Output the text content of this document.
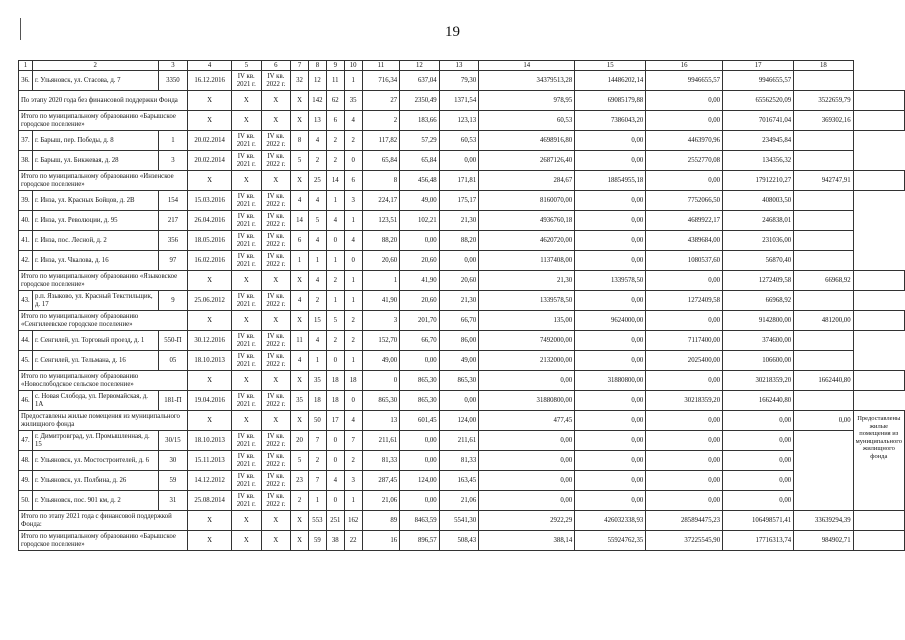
19
1	2	3	4	5	6	7	8	9	10	11	12	13	14	15	16	17	18	
36.	г. Ульяновск, ул. Стасова, д. 7	3350	16.12.2016	IV кв. 2021 г.	IV кв. 2022 г.	32	12	11	1	716,34	637,04	79,30	34379513,28	14486202,14	9946655,57	9946655,57		
По этапу 2020 года без финансовой поддержки Фонда			X	X	X	X	142	62	35	27	2350,49	1371,54	978,95	69085179,88	0,00	65562520,09	3522659,79	
Итого по муниципальному образованию «Барышское городское поселение»			X	X	X	X	13	6	4	2	183,66	123,13	60,53	7386043,20	0,00	7016741,04	369302,16	
37.	г. Барыш, пер. Победы, д. 8	1	20.02.2014	IV кв. 2021 г.	IV кв. 2022 г.	8	4	2	2	117,82	57,29	60,53	4698916,80	0,00	4463970,96	234945,84		
38.	г. Барыш, ул. Бикжевая, д. 28	3	20.02.2014	IV кв. 2021 г.	IV кв. 2022 г.	5	2	2	0	65,84	65,84	0,00	2687126,40	0,00	2552770,08	134356,32		
Итого по муниципальному образованию «Инзенское городское поселение»			X	X	X	X	25	14	6	8	456,48	171,81	284,67	18854955,18	0,00	17912210,27	942747,91	
39.	г. Инза, ул. Красных Бойцов, д. 2В	154	15.03.2016	IV кв. 2021 г.	IV кв. 2022 г.	4	4	1	3	224,17	49,00	175,17	8160070,00	0,00	7752066,50	408003,50		
40.	г. Инза, ул. Революции, д. 95	217	26.04.2016	IV кв. 2021 г.	IV кв. 2022 г.	14	5	4	1	123,51	102,21	21,30	4936760,18	0,00	4689922,17	246838,01		
41.	г. Инза, пос. Лесной, д. 2	356	18.05.2016	IV кв. 2021 г.	IV кв. 2022 г.	6	4	0	4	88,20	0,00	88,20	4620720,00	0,00	4389684,00	231036,00		
42.	г. Инза, ул. Чкалова, д. 16	97	16.02.2016	IV кв. 2021 г.	IV кв. 2022 г.	1	1	1	0	20,60	20,60	0,00	1137408,00	0,00	1080537,60	56870,40		
Итого по муниципальному образованию «Языковское городское поселение»			X	X	X	X	4	2	1	1	41,90	20,60	21,30	1339578,50	0,00	1272409,58	66968,92	
43.	р.п. Языково, ул. Красный Текстильщик, д. 17	9	25.06.2012	IV кв. 2021 г.	IV кв. 2022 г.	4	2	1	1	41,90	20,60	21,30	1339578,50	0,00	1272409,58	66968,92		
Итого по муниципальному образованию «Сенгилеевское городское поселение»			X	X	X	X	15	5	2	3	201,70	66,70	135,00	9624000,00	0,00	9142800,00	481200,00	
44.	г. Сенгилей, ул. Торговый проезд, д. 1	550-П	30.12.2016	IV кв. 2021 г.	IV кв. 2022 г.	11	4	2	2	152,70	66,70	86,00	7492000,00	0,00	7117400,00	374600,00		
45.	г. Сенгилей, ул. Тельмана, д. 16	05	18.10.2013	IV кв. 2021 г.	IV кв. 2022 г.	4	1	0	1	49,00	0,00	49,00	2132000,00	0,00	2025400,00	106600,00		
Итого по муниципальному образованию «Новослободское сельское поселение»			X	X	X	X	35	18	18	0	865,30	865,30	0,00	31880800,00	0,00	30218359,20	1662440,80	
46.	с. Новая Слобода, ул. Первомайская, д. 1А	181-П	19.04.2016	IV кв. 2021 г.	IV кв. 2022 г.	35	18	18	0	865,30	865,30	0,00	31880800,00	0,00	30218359,20	1662440,80		
Предоставлены жилые помещения из муниципального жилищного фонда			X	X	X	X	50	17	4	13	601,45	124,00	477,45	0,00	0,00	0,00	0,00	Предоставлены жилые помещения из муниципального жилищного фонда
47.	г. Димитровград, ул. Промышленная, д. 15	30/15	18.10.2013	IV кв. 2021 г.	IV кв. 2022 г.	20	7	0	7	211,61	0,00	211,61	0,00	0,00	0,00	0,00		
48.	г. Ульяновск, ул. Мостостроителей, д. 6	30	15.11.2013	IV кв. 2021 г.	IV кв. 2022 г.	5	2	0	2	81,33	0,00	81,33	0,00	0,00	0,00	0,00		
49.	г. Ульяновск, ул. Полбина, д. 26	59	14.12.2012	IV кв. 2021 г.	IV кв. 2022 г.	23	7	4	3	287,45	124,00	163,45	0,00	0,00	0,00	0,00		
50.	г. Ульяновск, пос. 901 км, д. 2	31	25.08.2014	IV кв. 2021 г.	IV кв. 2022 г.	2	1	0	1	21,06	0,00	21,06	0,00	0,00	0,00	0,00		
Итого по этапу 2021 года с финансовой поддержкой Фонда:			X	X	X	X	553	251	162	89	8463,59	5541,30	2922,29	426032338,93	285894475,23	106498571,41	33639294,39	
Итого по муниципальному образованию «Барышское городское поселение»			X	X	X	X	59	38	22	16	896,57	508,43	388,14	55924762,35	37225545,90	17716313,74	984902,71	
